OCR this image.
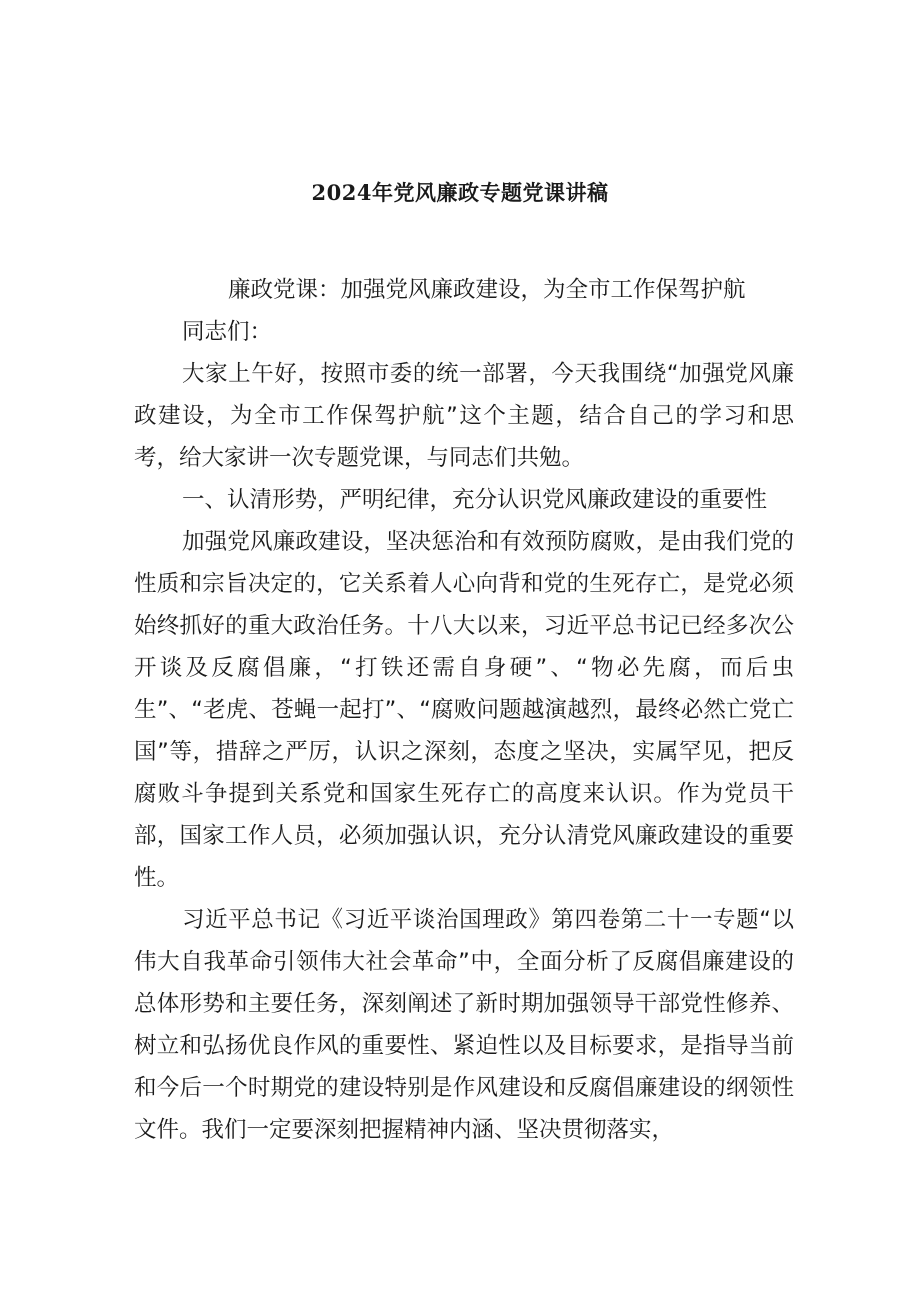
2024年党风廉政专题党课讲稿

廉政党课：加强党风廉政建设，为全市工作保驾护航

同志们：

大家上午好，按照市委的统一部署，今天我围绕“加强党风廉政建设，为全市工作保驾护航”这个主题，结合自己的学习和思考，给大家讲一次专题党课，与同志们共勉。

一、认清形势，严明纪律，充分认识党风廉政建设的重要性

加强党风廉政建设，坚决惩治和有效预防腐败，是由我们党的性质和宗旨决定的，它关系着人心向背和党的生死存亡，是党必须始终抓好的重大政治任务。十八大以来，习近平总书记已经多次公开谈及反腐倡廉，“打铁还需自身硬”、“物必先腐，而后虫生”、“老虎、苍蝇一起打”、“腐败问题越演越烈，最终必然亡党亡国”等，措辞之严厉，认识之深刻，态度之坚决，实属罕见，把反腐败斗争提到关系党和国家生死存亡的高度来认识。作为党员干部，国家工作人员，必须加强认识，充分认清党风廉政建设的重要性。

习近平总书记《习近平谈治国理政》第四卷第二十一专题“以伟大自我革命引领伟大社会革命”中，全面分析了反腐倡廉建设的总体形势和主要任务，深刻阐述了新时期加强领导干部党性修养、树立和弘扬优良作风的重要性、紧迫性以及目标要求，是指导当前和今后一个时期党的建设特别是作风建设和反腐倡廉建设的纲领性文件。我们一定要深刻把握精神内涵、坚决贯彻落实，
